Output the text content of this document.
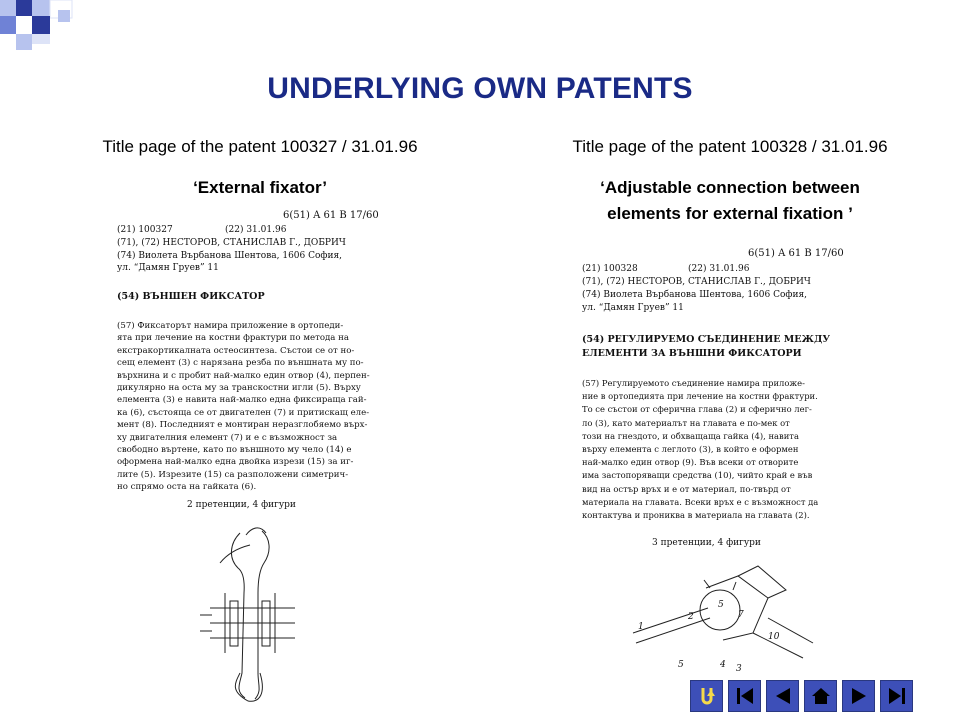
UNDERLYING OWN PATENTS
Title page of the patent 100327 / 31.01.96	Title page of the patent 100328 / 31.01.96
‘External fixator’	‘Adjustable connection between
elements for external fixation ’
6(51) A 61 B 17/60
(21) 100327	(22) 31.01.96
(71), (72) НЕСТОРОВ, СТАНИСЛАВ Г., ДОБРИЧ
(74) Виолета Върбанова Шентова, 1606 София,
ул. “Дамян Груев” 11
(54) ВЪНШЕН ФИКСАТОР
(57) Фиксаторът намира приложение в ортопеди-
ята при лечение на костни фрактури по метода на
екстракортикалната остеосинтеза. Състои се от но-
сещ елемент (3) с нарязана резба по външната му по-
върхнина и с пробит най-малко един отвор (4), перпен-
дикулярно на оста му за транскостни игли (5). Върху
елемента (3) е навита най-малко една фиксираща гай-
ка (6), състояща се от двигателен (7) и притискащ еле-
мент (8). Последният е монтиран неразглобяемо върх-
ху двигателния елемент (7) и е с възможност за
свободно въртене, като по външното му чело (14) е
оформена най-малко една двойка изрези (15) за иг-
лите (5). Изрезите (15) са разположени симетрич-
но спрямо оста на гайката (6).
2 претенции, 4 фигури
6(51) A 61 B 17/60
(21) 100328	(22) 31.01.96
(71), (72) НЕСТОРОВ, СТАНИСЛАВ Г., ДОБРИЧ
(74) Виолета Върбанова Шентова, 1606 София,
ул. “Дамян Груев” 11
(54) РЕГУЛИРУЕМО СЪЕДИНЕНИЕ МЕЖДУ
ЕЛЕМЕНТИ ЗА ВЪНШНИ ФИКСАТОРИ
(57) Регулируемото съединение намира приложе-
ние в ортопедията при лечение на костни фрактури.
То се състои от сферична глава (2) и сферично лег-
ло (3), като материалът на главата е по-мек от
този на гнездото, и обхващаща гайка (4), навита
върху елемента с леглото (3), в който е оформен
най-малко един отвор (9). Във всеки от отворите
има застопоряващи средства (10), чийто край е във
вид на остър връх и е от материал, по-твърд от
материала на главата. Всеки връх е с възможност да
контактува и прониква в материала на главата (2).
3 претенции, 4 фигури
1
2
5
7
10
5	4 3
